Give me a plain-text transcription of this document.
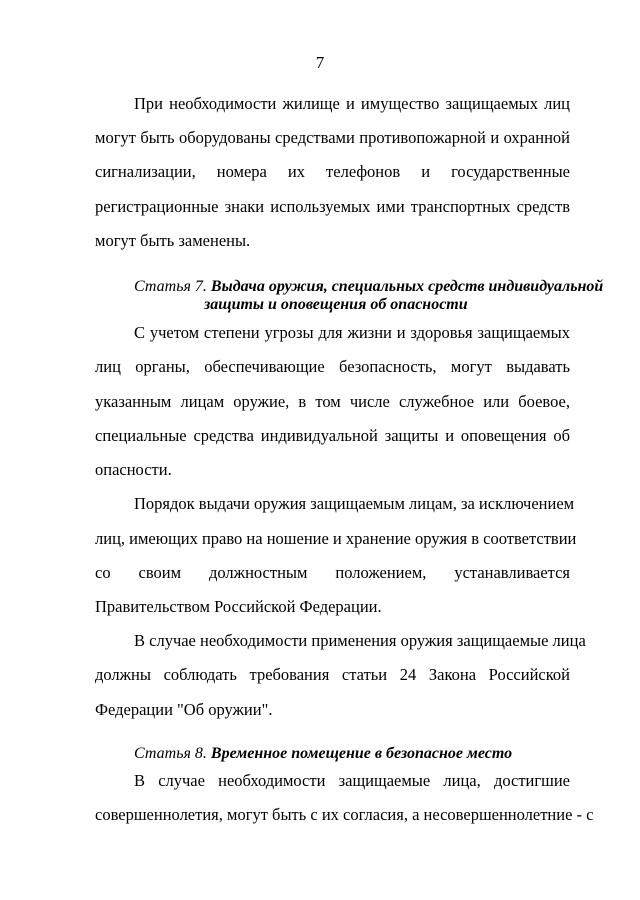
7
При необходимости жилище и имущество защищаемых лиц
могут быть оборудованы средствами противопожарной и охранной
сигнализации, номера их телефонов и государственные
регистрационные знаки используемых ими транспортных средств
могут быть заменены.
Статья 7. Выдача оружия, специальных средств индивидуальной
защиты и оповещения об опасности
С учетом степени угрозы для жизни и здоровья защищаемых
лиц органы, обеспечивающие безопасность, могут выдавать
указанным лицам оружие, в том числе служебное или боевое,
специальные средства индивидуальной защиты и оповещения об
опасности.
Порядок выдачи оружия защищаемым лицам, за исключением
лиц, имеющих право на ношение и хранение оружия в соответствии
со своим должностным положением, устанавливается
Правительством Российской Федерации.
В случае необходимости применения оружия защищаемые лица
должны соблюдать требования статьи 24 Закона Российской
Федерации "Об оружии".
Статья 8. Временное помещение в безопасное место
В случае необходимости защищаемые лица, достигшие
совершеннолетия, могут быть с их согласия, а несовершеннолетние - с
